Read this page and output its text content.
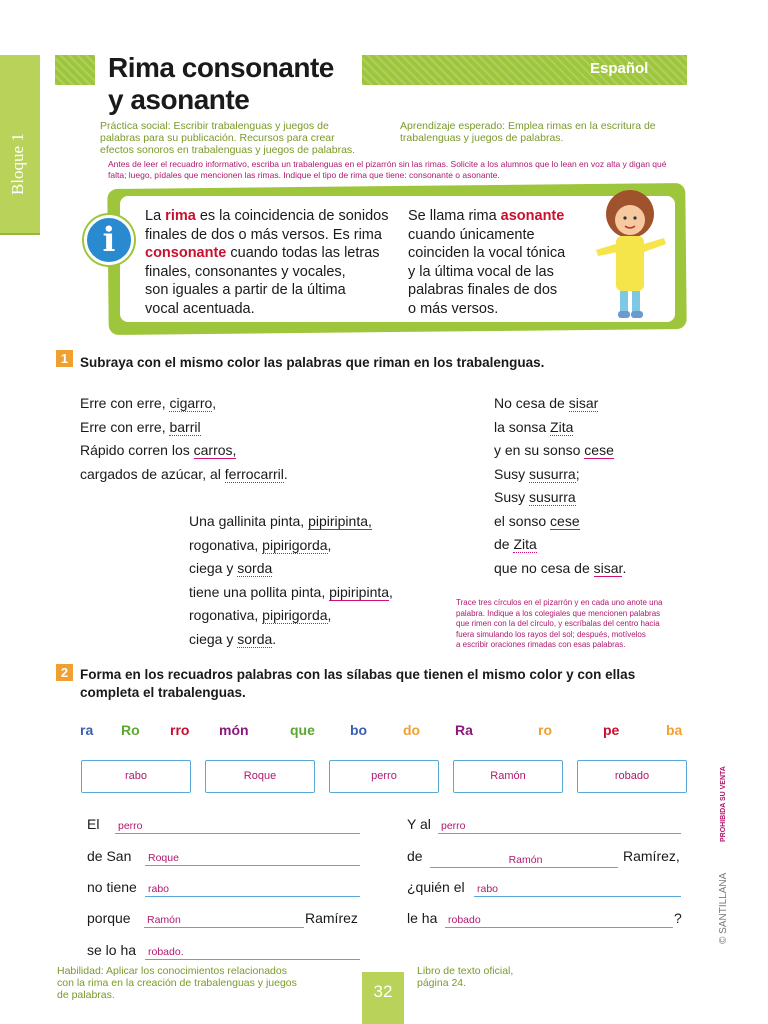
Bloque 1
Rima consonante
y asonante
Español
Práctica social: Escribir trabalenguas y juegos de
palabras para su publicación. Recursos para crear
efectos sonoros en trabalenguas y juegos de palabras.
Aprendizaje esperado: Emplea rimas en la escritura de
trabalenguas y juegos de palabras.
Antes de leer el recuadro informativo, escriba un trabalenguas en el pizarrón sin las rimas. Solicite a los alumnos que lo lean en voz alta y digan qué
falta; luego, pídales que mencionen las rimas. Indique el tipo de rima que tiene: consonante o asonante.
i
La rima es la coincidencia de sonidos
finales de dos o más versos. Es rima
consonante cuando todas las letras
finales, consonantes y vocales,
son iguales a partir de la última
vocal acentuada.
Se llama rima asonante
cuando únicamente
coinciden la vocal tónica
y la última vocal de las
palabras finales de dos
o más versos.
1 Subraya con el mismo color las palabras que riman en los trabalenguas.
Erre con erre, cigarro,
Erre con erre, barril
Rápido corren los carros,
cargados de azúcar, al ferrocarril.
Una gallinita pinta, pipiripinta,
rogonativa, pipirigorda,
ciega y sorda
tiene una pollita pinta, pipiripinta,
rogonativa, pipirigorda,
ciega y sorda.
No cesa de sisar
la sonsa Zita
y en su sonso cese
Susy susurra;
Susy susurra
el sonso cese
de Zita
que no cesa de sisar.
Trace tres círculos en el pizarrón y en cada uno anote una
palabra. Indique a los colegiales que mencionen palabras
que rimen con la del círculo, y escríbalas del centro hacia
fuera simulando los rayos del sol; después, motívelos
a escribir oraciones rimadas con esas palabras.
2 Forma en los recuadros palabras con las sílabas que tienen el mismo color y con ellas
completa el trabalenguas.
ra Ro rro món	que	bo	do Ra	ro	pe	ba
rabo	Roque	perro	Ramón	robado
El perro
de San Roque
no tiene rabo
porque Ramón	Ramírez
se lo ha robado.
Y al perro
de	Ramón	Ramírez,
¿quién el rabo
le ha robado	?	© SANTILLANA
PROHIBIDA SU VENTA
Habilidad: Aplicar los conocimientos relacionados
con la rima en la creación de trabalenguas y juegos
de palabras.	32
Libro de texto oficial,
página 24.
